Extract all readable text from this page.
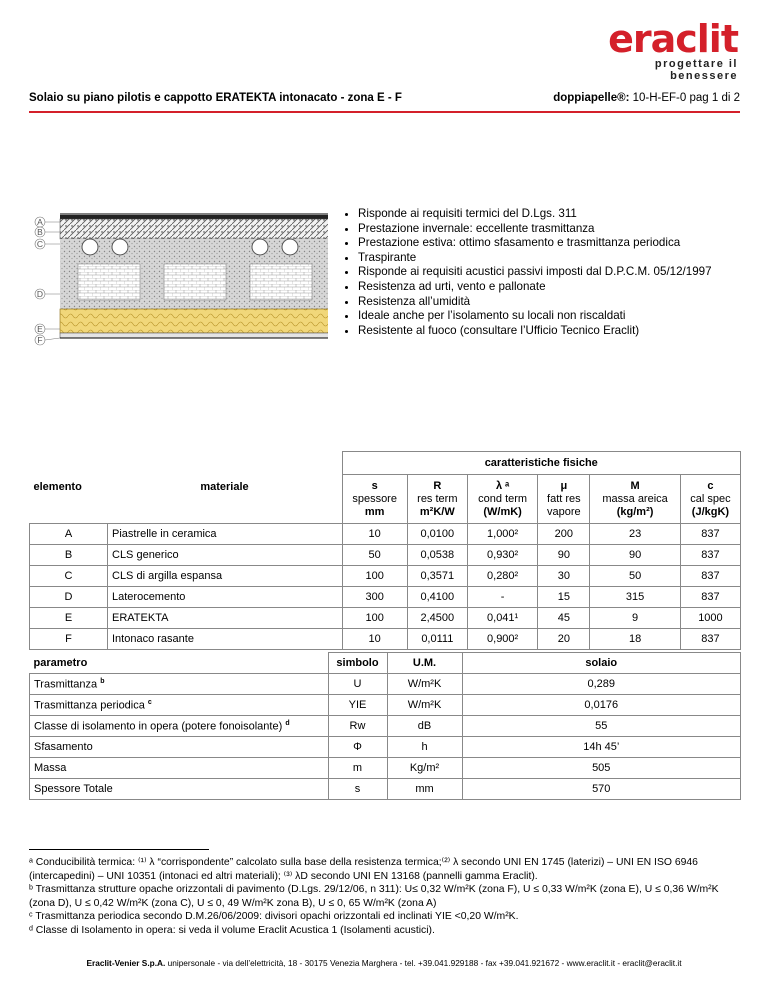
eraclit
progettare il benessere
Solaio su piano pilotis e cappotto ERATEKTA intonacato - zona E - F	doppiapelle®: 10-H-EF-0 pag 1 di 2
A
B
C
D
E
F
• Risponde ai requisiti termici del D.Lgs. 311
• Prestazione invernale: eccellente trasmittanza
• Prestazione estiva: ottimo sfasamento e trasmittanza periodica
• Traspirante
• Risponde ai requisiti acustici passivi imposti dal D.P.C.M. 05/12/1997
• Resistenza ad urti, vento e pallonate
• Resistenza all’umidità
• Ideale anche per l’isolamento su locali non riscaldati
• Resistente al fuoco (consultare l’Ufficio Tecnico Eraclit)
elemento	materiale	caratteristiche fisiche					
		s
spessore
mm	R
res term
m²K/W	λ ᵃ
cond term
(W/mK)	μ
fatt res
vapore	M
massa areica
(kg/m²)	c
cal spec
(J/kgK)
A	Piastrelle in ceramica	10	0,0100	1,000²	200	23	837
B	CLS generico	50	0,0538	0,930²	90	90	837
C	CLS di argilla espansa	100	0,3571	0,280²	30	50	837
D	Laterocemento	300	0,4100	-	15	315	837
E	ERATEKTA	100	2,4500	0,041¹	45	9	1000
F	Intonaco rasante	10	0,0111	0,900²	20	18	837
parametro	simbolo	U.M.	solaio
Trasmittanza $^b$	U	W/m²K	0,289
Trasmittanza periodica $^c$	YIE	W/m²K	0,0176
Classe di isolamento in opera (potere fonoisolante) $^d$	Rw	dB	55
Sfasamento	Φ	h	14h 45’
Massa	m	Kg/m²	505
Spessore Totale	s	mm	570

ᵃ Conducibilità termica: ⁽¹⁾ λ “corrispondente” calcolato sulla base della resistenza termica;⁽²⁾ λ secondo UNI EN 1745 (laterizi) – UNI EN ISO 6946 (intercapedini) – UNI 10351 (intonaci ed altri materiali); ⁽³⁾ λD secondo UNI EN 13168 (pannelli gamma Eraclit).

ᵇ Trasmittanza strutture opache orizzontali di pavimento (D.Lgs. 29/12/06, n 311): U≤ 0,32 W/m²K (zona F), U ≤ 0,33 W/m²K (zona E), U ≤ 0,36 W/m²K (zona D), U ≤ 0,42 W/m²K (zona C), U ≤ 0, 49 W/m²K zona B), U ≤ 0, 65 W/m²K (zona A)

ᶜ Trasmittanza periodica secondo D.M.26/06/2009: divisori opachi orizzontali ed inclinati YIE <0,20 W/m²K.

ᵈ Classe di Isolamento in opera: si veda il volume Eraclit Acustica 1 (Isolamenti acustici).

Eraclit-Venier S.p.A. unipersonale - via dell’elettricità, 18 - 30175 Venezia Marghera - tel. +39.041.929188 - fax +39.041.921672 - www.eraclit.it - eraclit@eraclit.it
